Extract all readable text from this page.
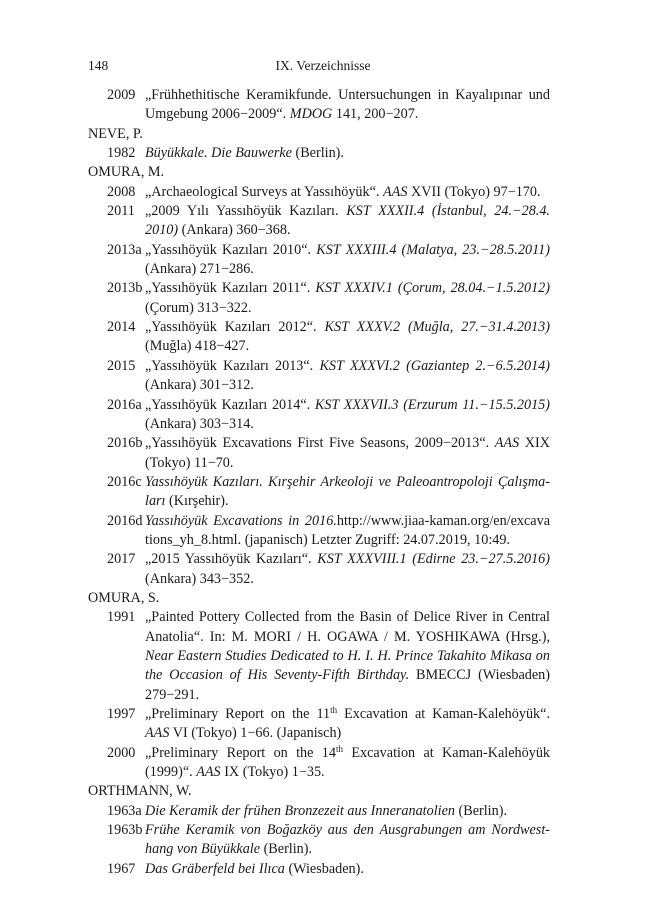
148	IX. Verzeichnisse
2009 „Frühhethitische Keramikfunde. Untersuchungen in Kayalıpınar und Umgebung 2006−2009“. MDOG 141, 200−207.
NEVE, P.
1982 Büyükkale. Die Bauwerke (Berlin).
OMURA, M.
2008 „Archaeological Surveys at Yassıhöyük“. AAS XVII (Tokyo) 97−170.
2011 „2009 Yılı Yassıhöyük Kazıları. KST XXXII.4 (İstanbul, 24.−28.4. 2010) (Ankara) 360−368.
2013a „Yassıhöyük Kazıları 2010“. KST XXXIII.4 (Malatya, 23.−28.5.2011) (Ankara) 271−286.
2013b „Yassıhöyük Kazıları 2011“. KST XXXIV.1 (Çorum, 28.04.−1.5.2012) (Çorum) 313−322.
2014 „Yassıhöyük Kazıları 2012“. KST XXXV.2 (Muğla, 27.−31.4.2013) (Muğla) 418−427.
2015 „Yassıhöyük Kazıları 2013“. KST XXXVI.2 (Gaziantep 2.−6.5.2014) (Ankara) 301−312.
2016a „Yassıhöyük Kazıları 2014“. KST XXXVII.3 (Erzurum 11.−15.5.2015) (Ankara) 303−314.
2016b „Yassıhöyük Excavations First Five Seasons, 2009−2013“. AAS XIX (Tokyo) 11−70.
2016c Yassıhöyük Kazıları. Kırşehir Arkeoloji ve Paleoantropoloji Çalışma-ları (Kırşehir).
2016d Yassıhöyük Excavations in 2016.http://www.jiaa-kaman.org/en/excava tions_yh_8.html. (japanisch) Letzter Zugriff: 24.07.2019, 10:49.
2017 „2015 Yassıhöyük Kazıları“. KST XXXVIII.1 (Edirne 23.−27.5.2016) (Ankara) 343−352.
OMURA, S.
1991 „Painted Pottery Collected from the Basin of Delice River in Central Anatolia“. In: M. MORI / H. OGAWA / M. YOSHIKAWA (Hrsg.), Near Eastern Studies Dedicated to H. I. H. Prince Takahito Mikasa on the Occasion of His Seventy-Fifth Birthday. BMECCJ (Wiesbaden) 279−291.
1997 „Preliminary Report on the 11th Excavation at Kaman-Kalehöyük“. AAS VI (Tokyo) 1−66. (Japanisch)
2000 „Preliminary Report on the 14th Excavation at Kaman-Kalehöyük (1999)“. AAS IX (Tokyo) 1−35.
ORTHMANN, W.
1963a Die Keramik der frühen Bronzezeit aus Inneranatolien (Berlin).
1963b Frühe Keramik von Boğazköy aus den Ausgrabungen am Nordwest-hang von Büyükkale (Berlin).
1967 Das Gräberfeld bei Ilıca (Wiesbaden).
